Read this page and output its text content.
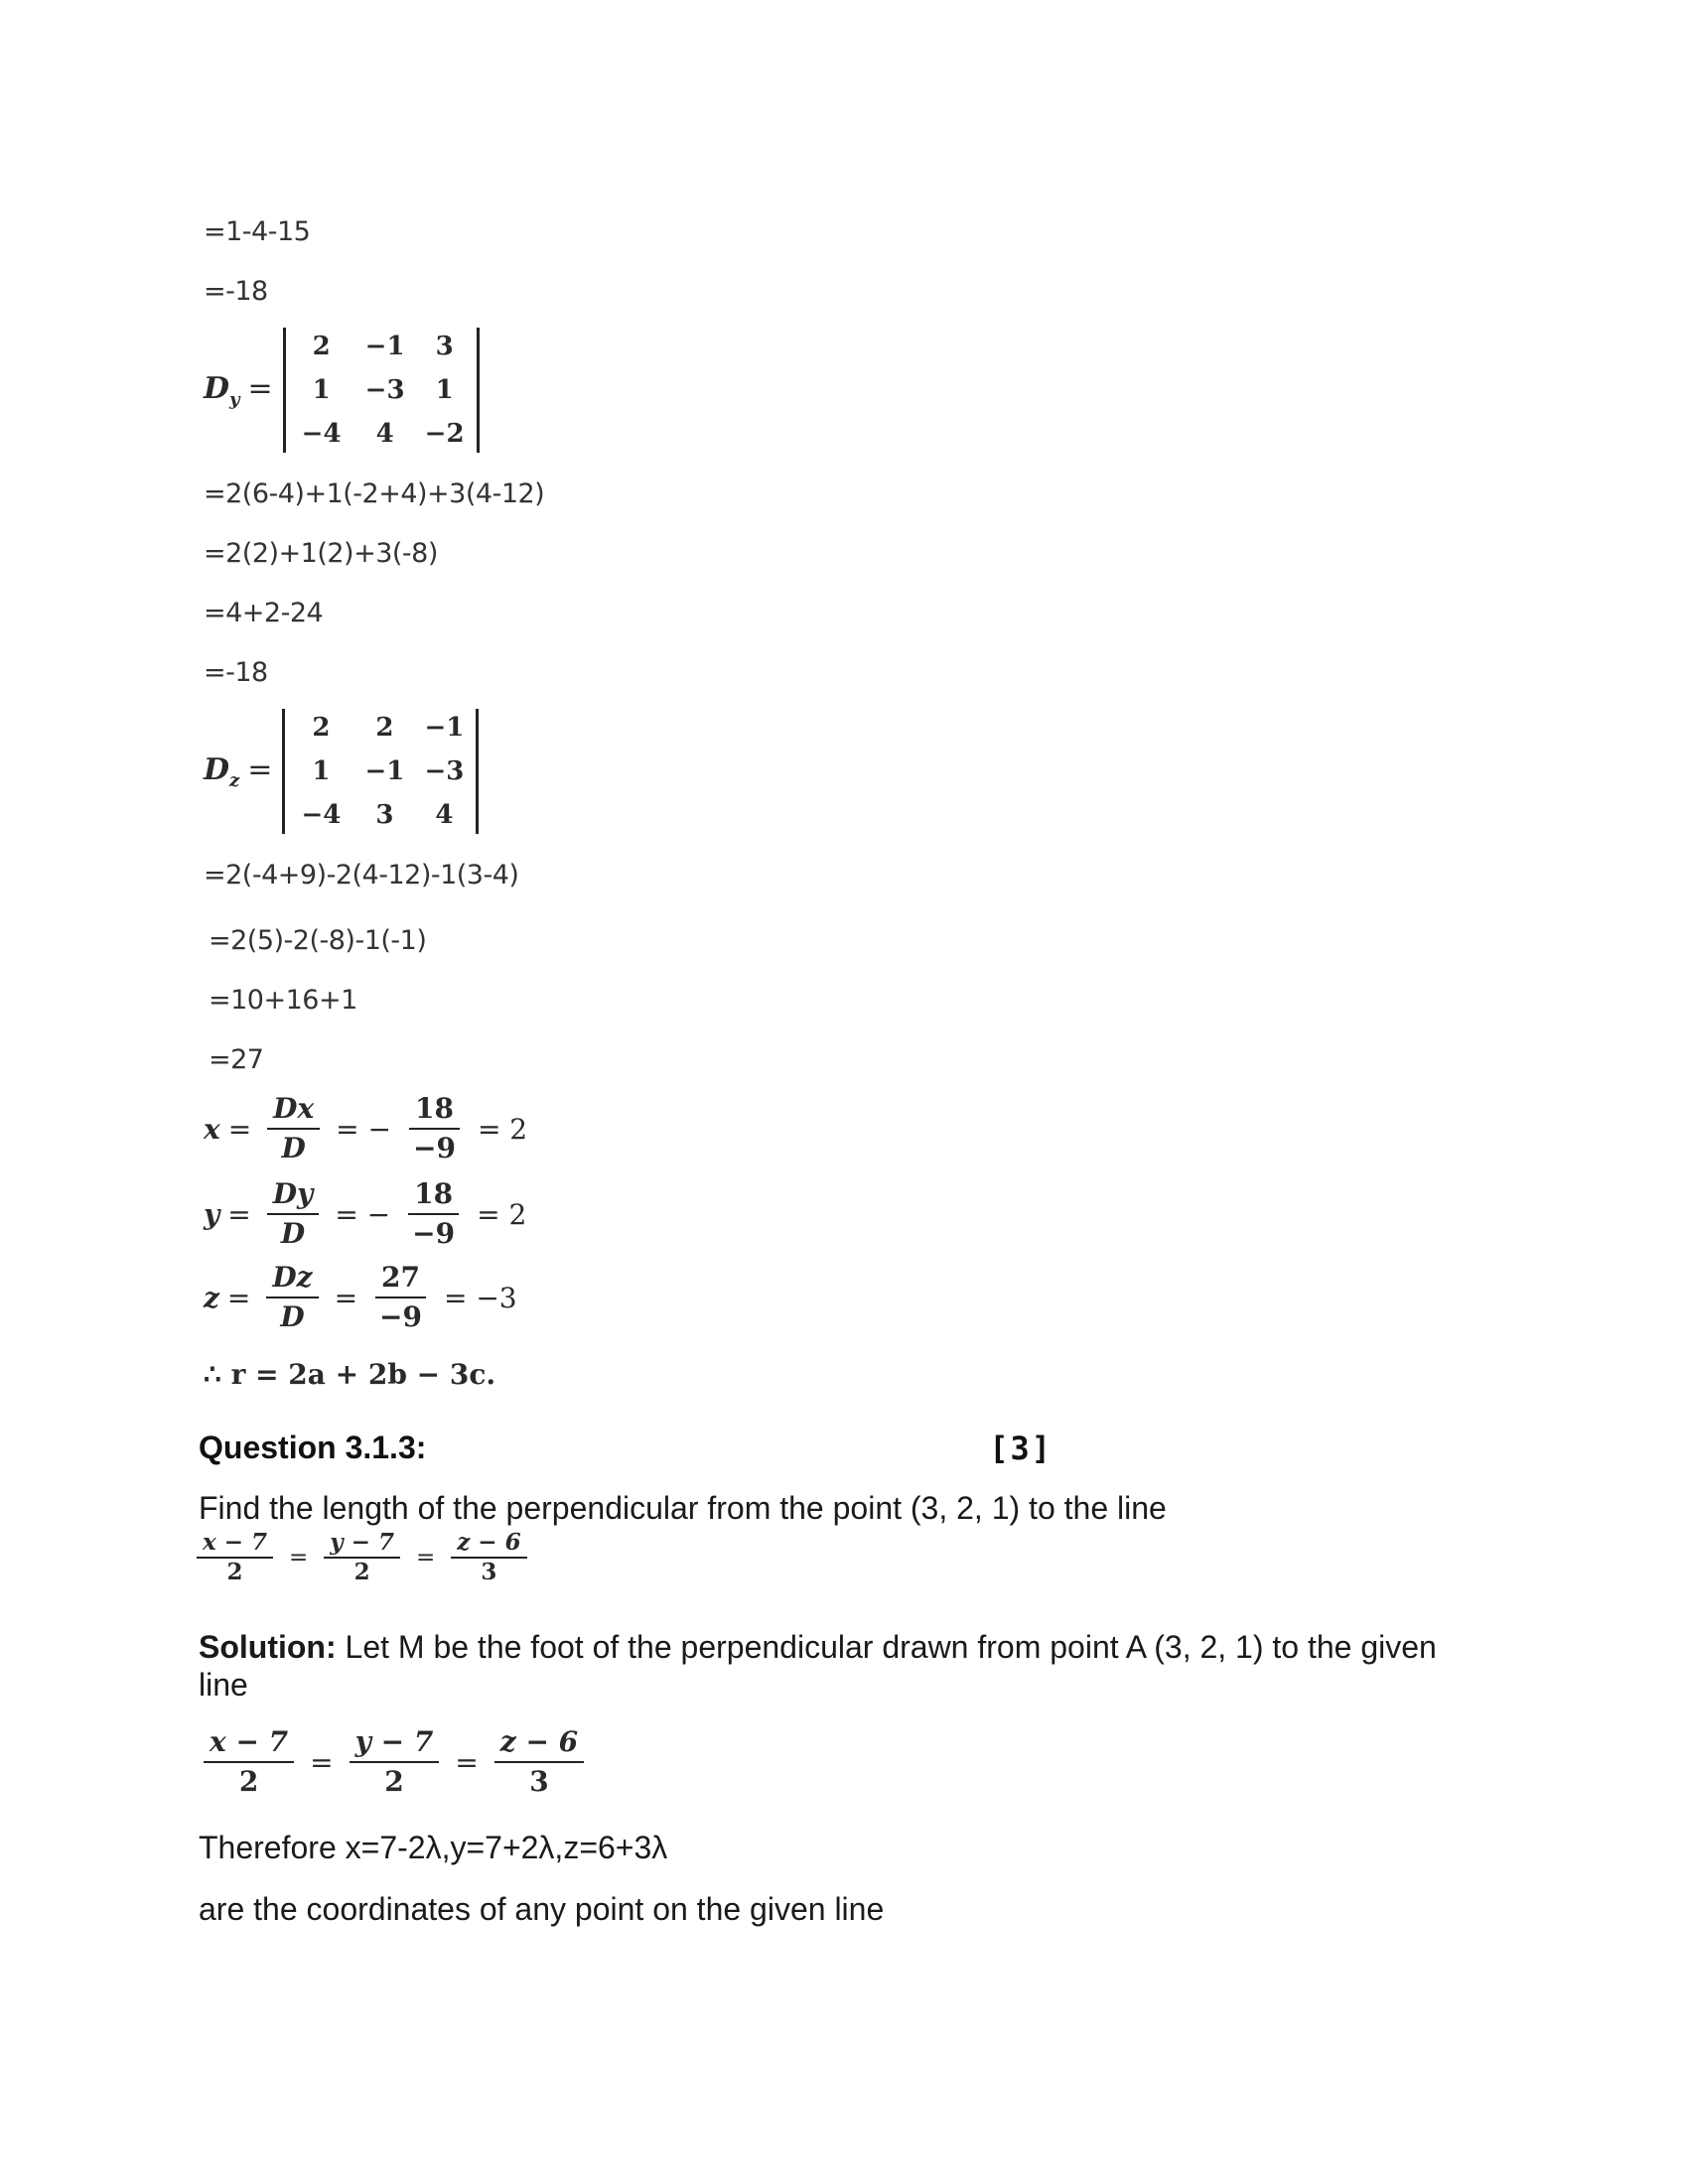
=1-4-15
=-18
$D_y$ =
2	−1	3
1	−3	1
−4	4	−2
=2(6-4)+1(-2+4)+3(4-12)
=2(2)+1(2)+3(-8)
=4+2-24
=-18
$D_z$ =
2	2	−1
1	−1 −3
−4	3	4
=2(-4+9)-2(4-12)-1(3-4)
=2(5)-2(-8)-1(-1)
=10+16+1
=27
$x = \frac{Dx}{D}$ = − $\frac{18}{-9} = 2$
$y = \frac{Dy}{D}$ = − $\frac{18}{-9} = 2$
$z = \frac{Dz}{D} = \frac{27}{-9} = -3$
∴ r = 2a + 2b − 3c.
Question 3.1.3:	[3]
Find the length of the perpendicular from the point (3, 2, 1) to the line
$\frac{x - 7}{2} = \frac{y - 7}{2} = \frac{z - 6}{3}$
Solution: Let M be the foot of the perpendicular drawn from point A (3, 2, 1) to the given
line
$\frac{x - 7}{2} = \frac{y - 7}{2} = \frac{z - 6}{3}$
Therefore x=7-2λ,y=7+2λ,z=6+3λ
are the coordinates of any point on the given line
